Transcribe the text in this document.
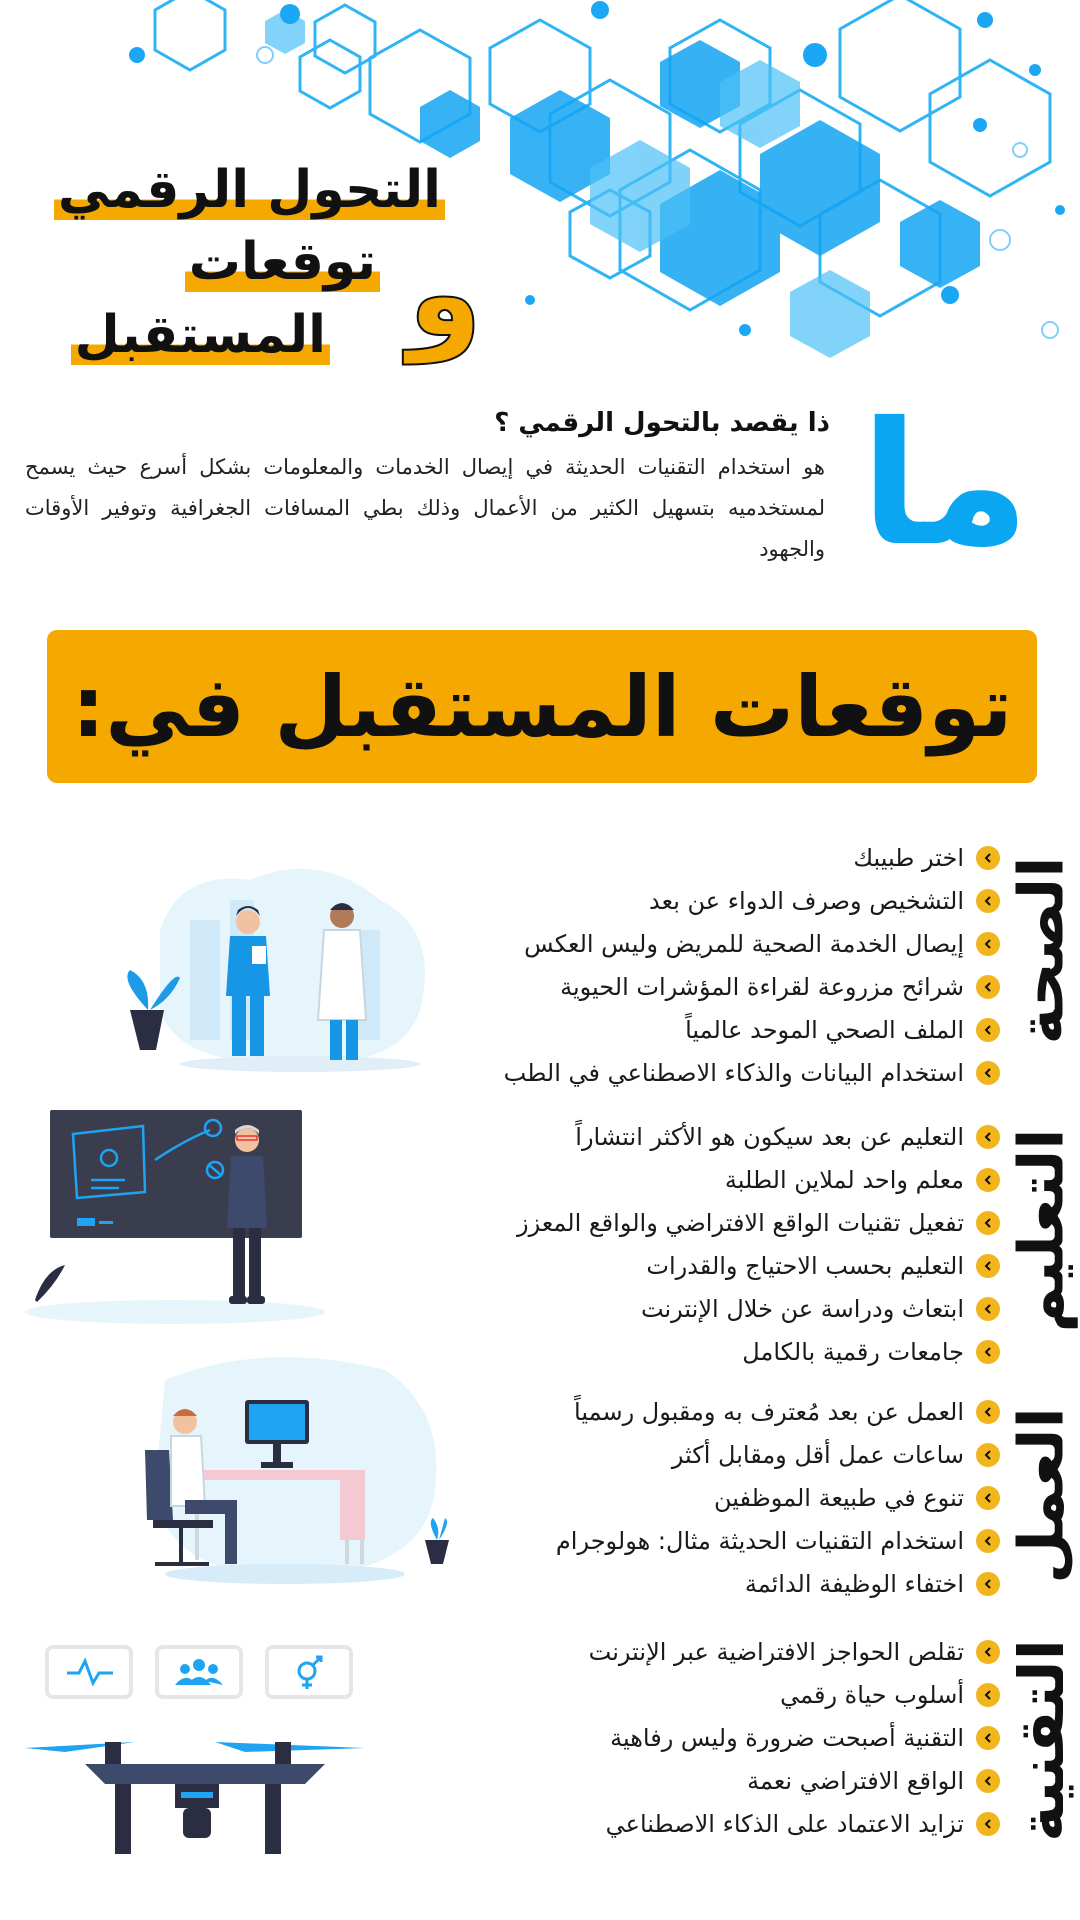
التحول الرقمي
توقعات
المستقبل و
ما
ذا يقصد بالتحول الرقمي ؟

هو استخدام التقنيات الحديثة في إيصال الخدمات والمعلومات بشكل أسرع حيث يسمح لمستخدميه بتسهيل الكثير من الأعمال وذلك بطي المسافات الجغرافية وتوفير الأوقات والجهود

توقعات المستقبل في:
الصحة
اختر طبيبك
التشخيص وصرف الدواء عن بعد
إيصال الخدمة الصحية للمريض وليس العكس
شرائح مزروعة لقراءة المؤشرات الحيوية
الملف الصحي الموحد عالمياً
استخدام البيانات والذكاء الاصطناعي في الطب
التعليم
التعليم عن بعد سيكون هو الأكثر انتشاراً
معلم واحد لملاين الطلبة
تفعيل تقنيات الواقع الافتراضي والواقع المعزز
التعليم بحسب الاحتياج والقدرات
ابتعاث ودراسة عن خلال الإنترنت
جامعات رقمية بالكامل
العمل
العمل عن بعد مُعترف به ومقبول رسمياً
ساعات عمل أقل ومقابل أكثر
تنوع في طبيعة الموظفين
استخدام التقنيات الحديثة مثال: هولوجرام
اختفاء الوظيفة الدائمة
التقنية
تقلص الحواجز الافتراضية عبر الإنترنت
أسلوب حياة رقمي
التقنية أصبحت ضرورة وليس رفاهية
الواقع الافتراضي نعمة
تزايد الاعتماد على الذكاء الاصطناعي
